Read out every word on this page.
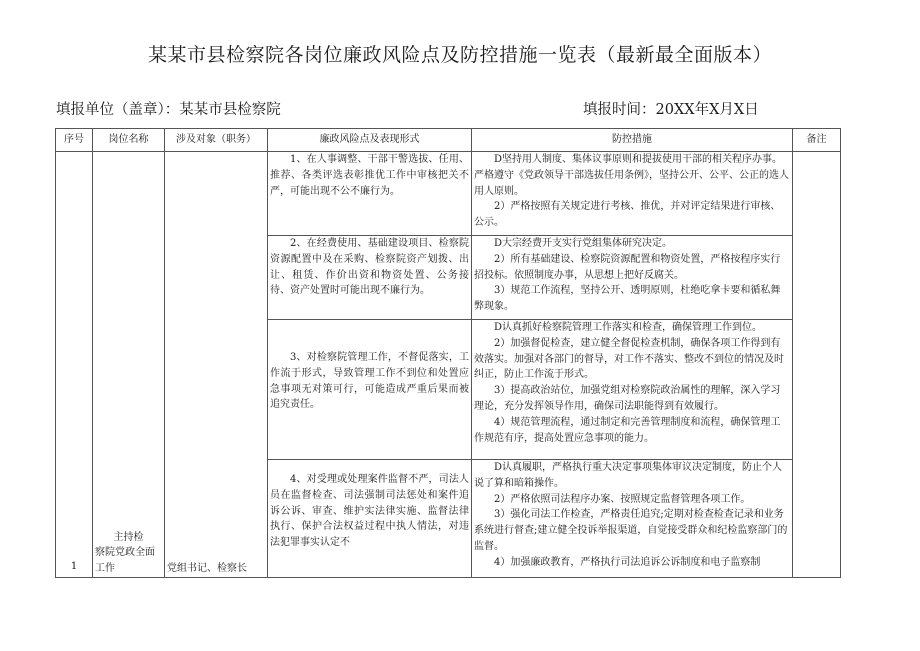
某某市县检察院各岗位廉政风险点及防控措施一览表（最新最全面版本）
填报单位（盖章）：某某市县检察院	填报时间：20XX年X月X日
序号	岗位名称	涉及对象（职务）	廉政风险点及表现形式	防控措施	备注

1	主持检
察院党政全面
工作	党组书记、检察长	1、在人事调整、干部干警选拔、任用、推荐、各类评选表彰推优工作中审核把关不严，可能出现不公不廉行为。	D坚持用人制度、集体议事原则和提拔使用干部的相关程序办事。严格遵守《党政领导干部选拔任用条例》，坚持公开、公平、公正的选人用人原则。
2）严格按照有关规定进行考核、推优，并对评定结果进行审核、公示。	

			2、在经费使用、基础建设项目、检察院资源配置中及在采购、检察院资产划拨、出让、租赁、作价出资和物资处置、公务接待、资产处置时可能出现不廉行为。	D大宗经费开支实行党组集体研究决定。
2）所有基础建设、检察院资源配置和物资处置，严格按程序实行招投标。依照制度办事，从思想上把好反腐关。
3）规范工作流程，坚持公开、透明原则，杜绝吃拿卡要和循私舞弊现象。	

			3、对检察院管理工作，不督促落实，工作流于形式，导致管理工作不到位和处置应急事项无对策可行，可能造成严重后果而被追究责任。	D认真抓好检察院管理工作落实和检查，确保管理工作到位。
2）加强督促检查，建立健全督促检查机制，确保各项工作得到有效落实。加强对各部门的督导，对工作不落实、整改不到位的情况及时纠正，防止工作流于形式。
3）提高政治站位，加强党组对检察院政治属性的理解，深入学习理论，充分发挥领导作用，确保司法职能得到有效履行。
4）规范管理流程，通过制定和完善管理制度和流程，确保管理工作规范有序，提高处置应急事项的能力。	

			4、对受理或处理案件监督不严，司法人员在监督检查、司法强制司法惩处和案件追诉公诉、审查、维护实法律实施、监督法律执行、保护合法权益过程中执人情法，对违法犯罪事实认定不	D认真履职，严格执行重大决定事项集体审议决定制度，防止个人说了算和暗箱操作。
2）严格依照司法程序办案、按照规定监督管理各项工作。
3）强化司法工作检查，严格责任追究;定期对检查检查记录和业务系统进行督查;建立健全投诉举报渠道，自觉接受群众和纪检监察部门的监督。
4）加强廉政教育，严格执行司法追诉公诉制度和电子监察制	
